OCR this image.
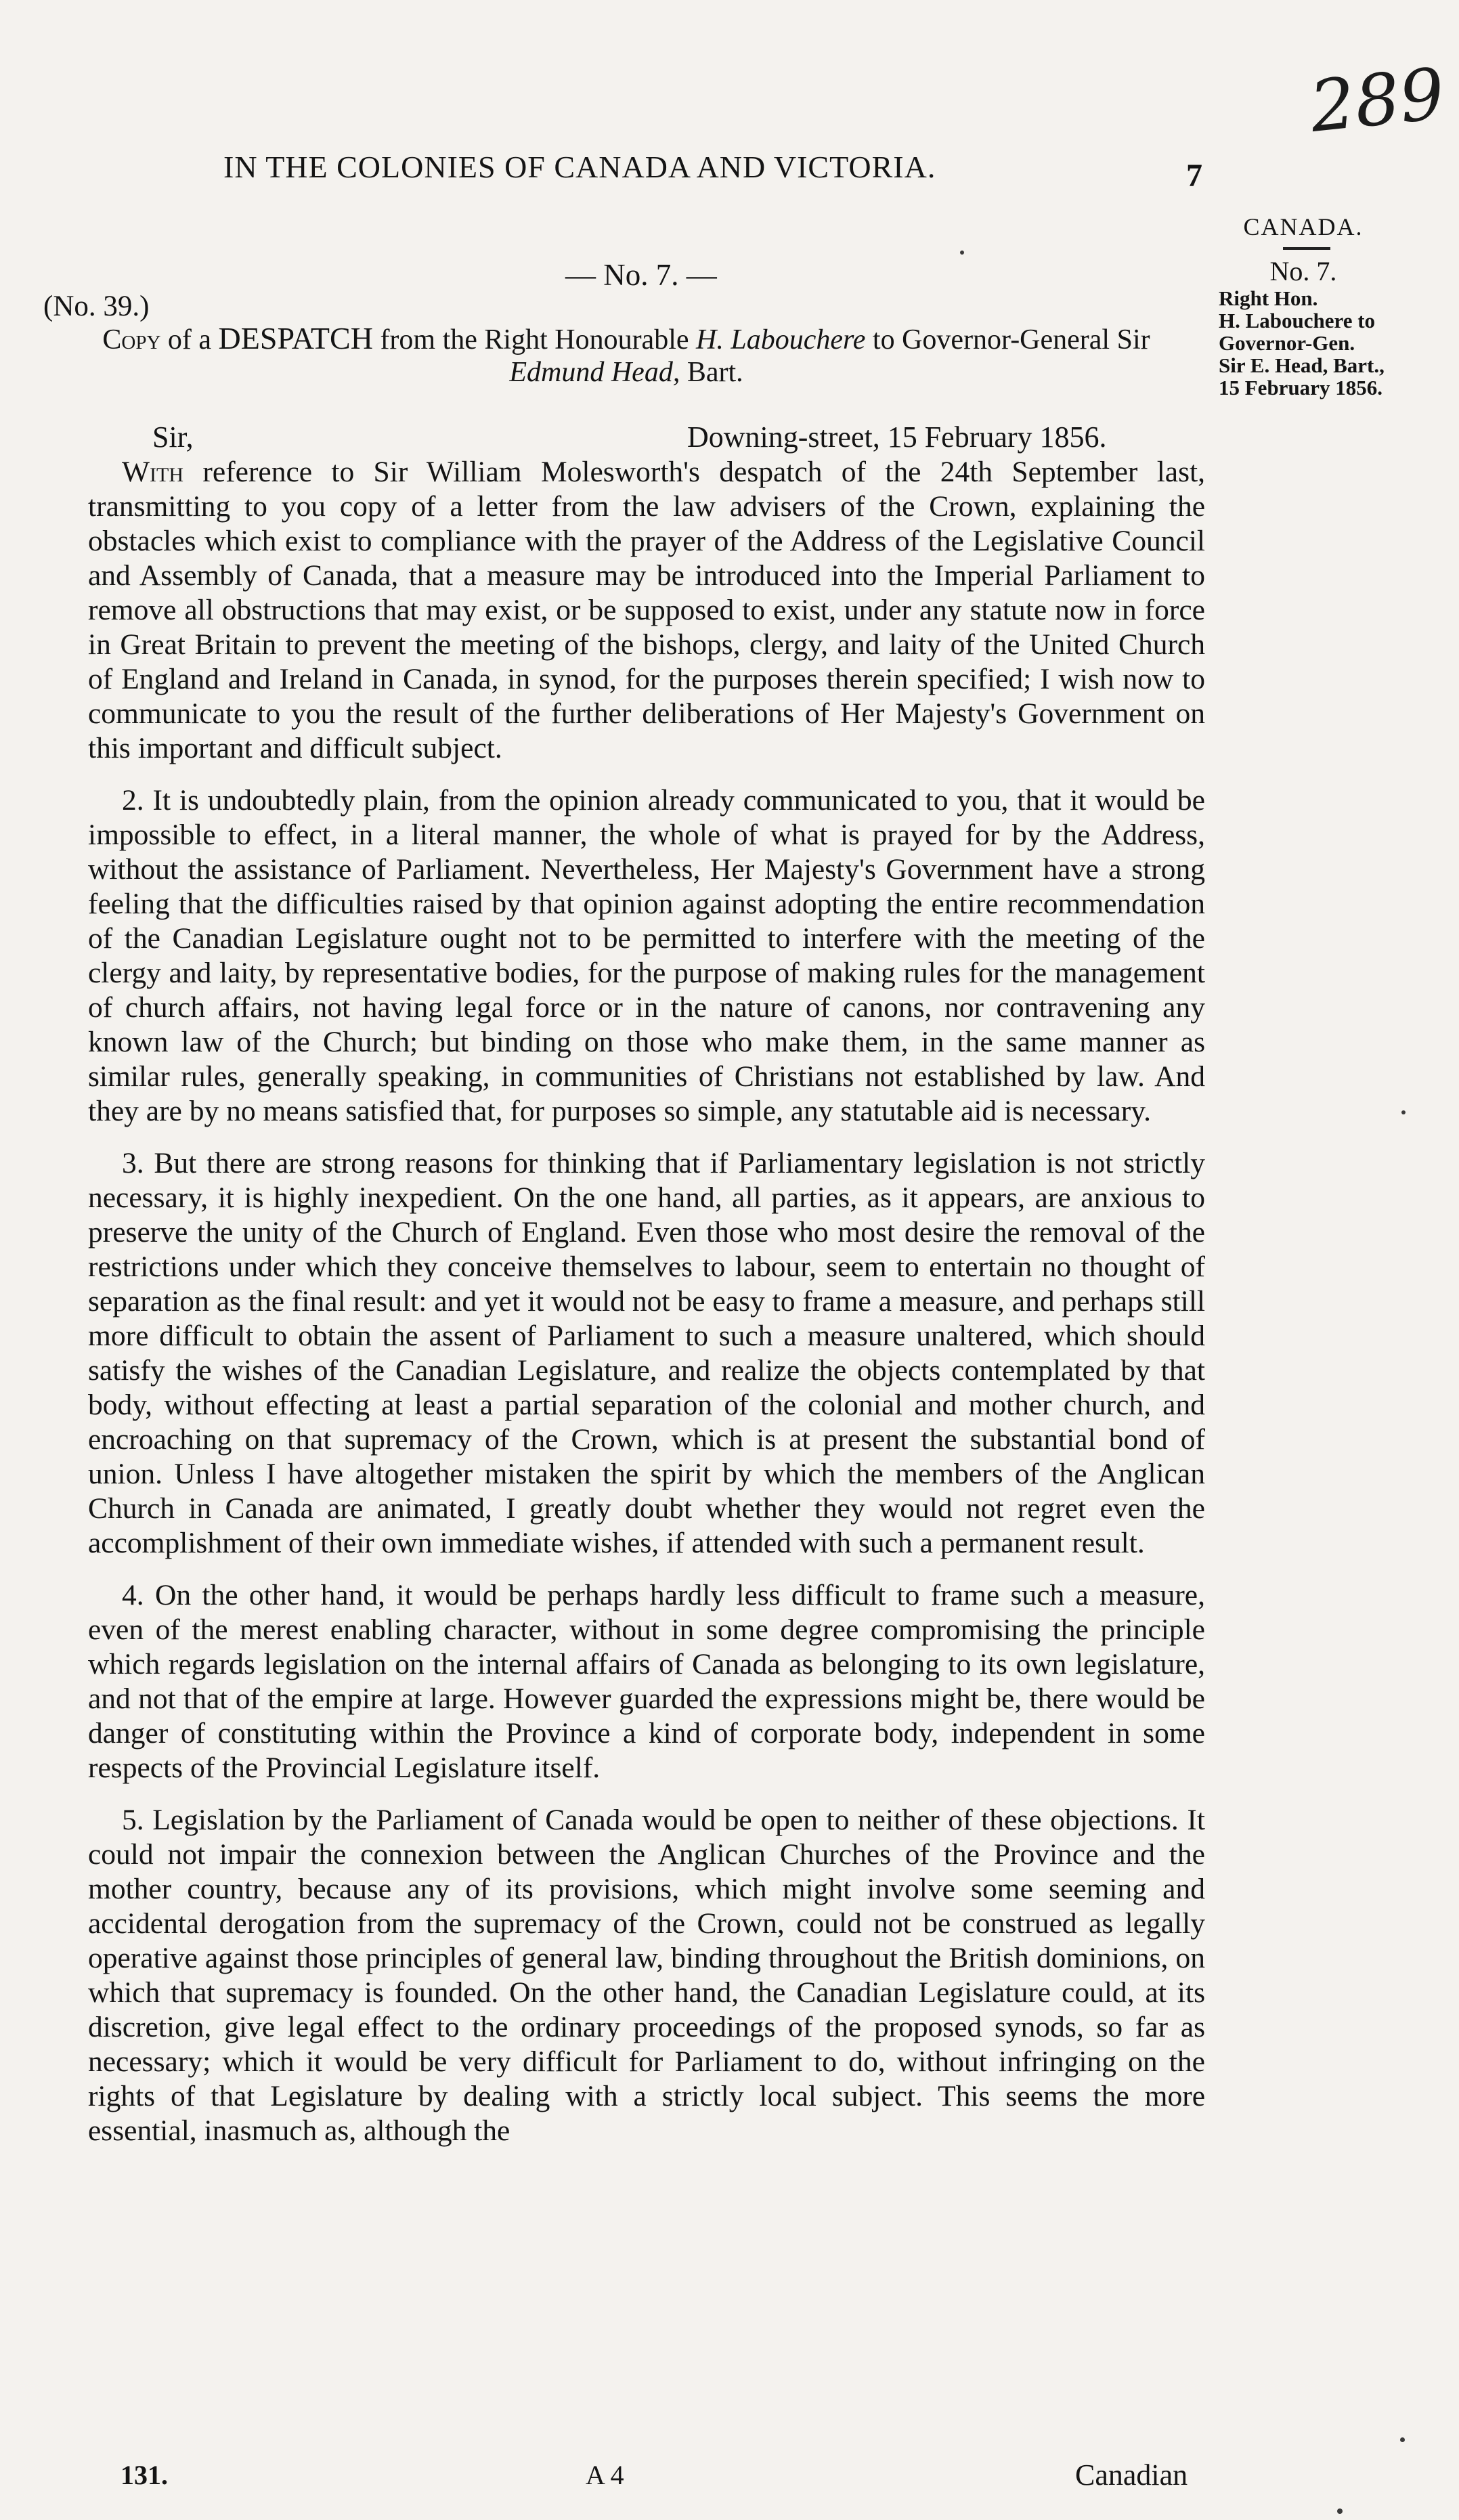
289
IN THE COLONIES OF CANADA AND VICTORIA.	7
CANADA.
No. 7.
Right Hon.
H. Labouchere to
Governor-Gen.
Sir E. Head, Bart.,
15 February 1856.
— No. 7. —
(No. 39.)
Copy of a DESPATCH from the Right Honourable H. Labouchere to Governor-General Sir Edmund Head, Bart.
Sir,	Downing-street, 15 February 1856.

With reference to Sir William Molesworth's despatch of the 24th September last, transmitting to you copy of a letter from the law advisers of the Crown, explaining the obstacles which exist to compliance with the prayer of the Address of the Legislative Council and Assembly of Canada, that a measure may be introduced into the Imperial Parliament to remove all obstructions that may exist, or be supposed to exist, under any statute now in force in Great Britain to prevent the meeting of the bishops, clergy, and laity of the United Church of England and Ireland in Canada, in synod, for the purposes therein specified; I wish now to communicate to you the result of the further deliberations of Her Majesty's Government on this important and difficult subject.

2. It is undoubtedly plain, from the opinion already communicated to you, that it would be impossible to effect, in a literal manner, the whole of what is prayed for by the Address, without the assistance of Parliament. Nevertheless, Her Majesty's Government have a strong feeling that the difficulties raised by that opinion against adopting the entire recommendation of the Canadian Legislature ought not to be permitted to interfere with the meeting of the clergy and laity, by representative bodies, for the purpose of making rules for the management of church affairs, not having legal force or in the nature of canons, nor contravening any known law of the Church; but binding on those who make them, in the same manner as similar rules, generally speaking, in communities of Christians not established by law. And they are by no means satisfied that, for purposes so simple, any statutable aid is necessary.

3. But there are strong reasons for thinking that if Parliamentary legislation is not strictly necessary, it is highly inexpedient. On the one hand, all parties, as it appears, are anxious to preserve the unity of the Church of England. Even those who most desire the removal of the restrictions under which they conceive themselves to labour, seem to entertain no thought of separation as the final result: and yet it would not be easy to frame a measure, and perhaps still more difficult to obtain the assent of Parliament to such a measure unaltered, which should satisfy the wishes of the Canadian Legislature, and realize the objects contemplated by that body, without effecting at least a partial separation of the colonial and mother church, and encroaching on that supremacy of the Crown, which is at present the substantial bond of union. Unless I have altogether mistaken the spirit by which the members of the Anglican Church in Canada are animated, I greatly doubt whether they would not regret even the accomplishment of their own immediate wishes, if attended with such a permanent result.

4. On the other hand, it would be perhaps hardly less difficult to frame such a measure, even of the merest enabling character, without in some degree compromising the principle which regards legislation on the internal affairs of Canada as belonging to its own legislature, and not that of the empire at large. However guarded the expressions might be, there would be danger of constituting within the Province a kind of corporate body, independent in some respects of the Provincial Legislature itself.

5. Legislation by the Parliament of Canada would be open to neither of these objections. It could not impair the connexion between the Anglican Churches of the Province and the mother country, because any of its provisions, which might involve some seeming and accidental derogation from the supremacy of the Crown, could not be construed as legally operative against those principles of general law, binding throughout the British dominions, on which that supremacy is founded. On the other hand, the Canadian Legislature could, at its discretion, give legal effect to the ordinary proceedings of the proposed synods, so far as necessary; which it would be very difficult for Parliament to do, without infringing on the rights of that Legislature by dealing with a strictly local subject. This seems the more essential, inasmuch as, although the

131.	A 4	Canadian
